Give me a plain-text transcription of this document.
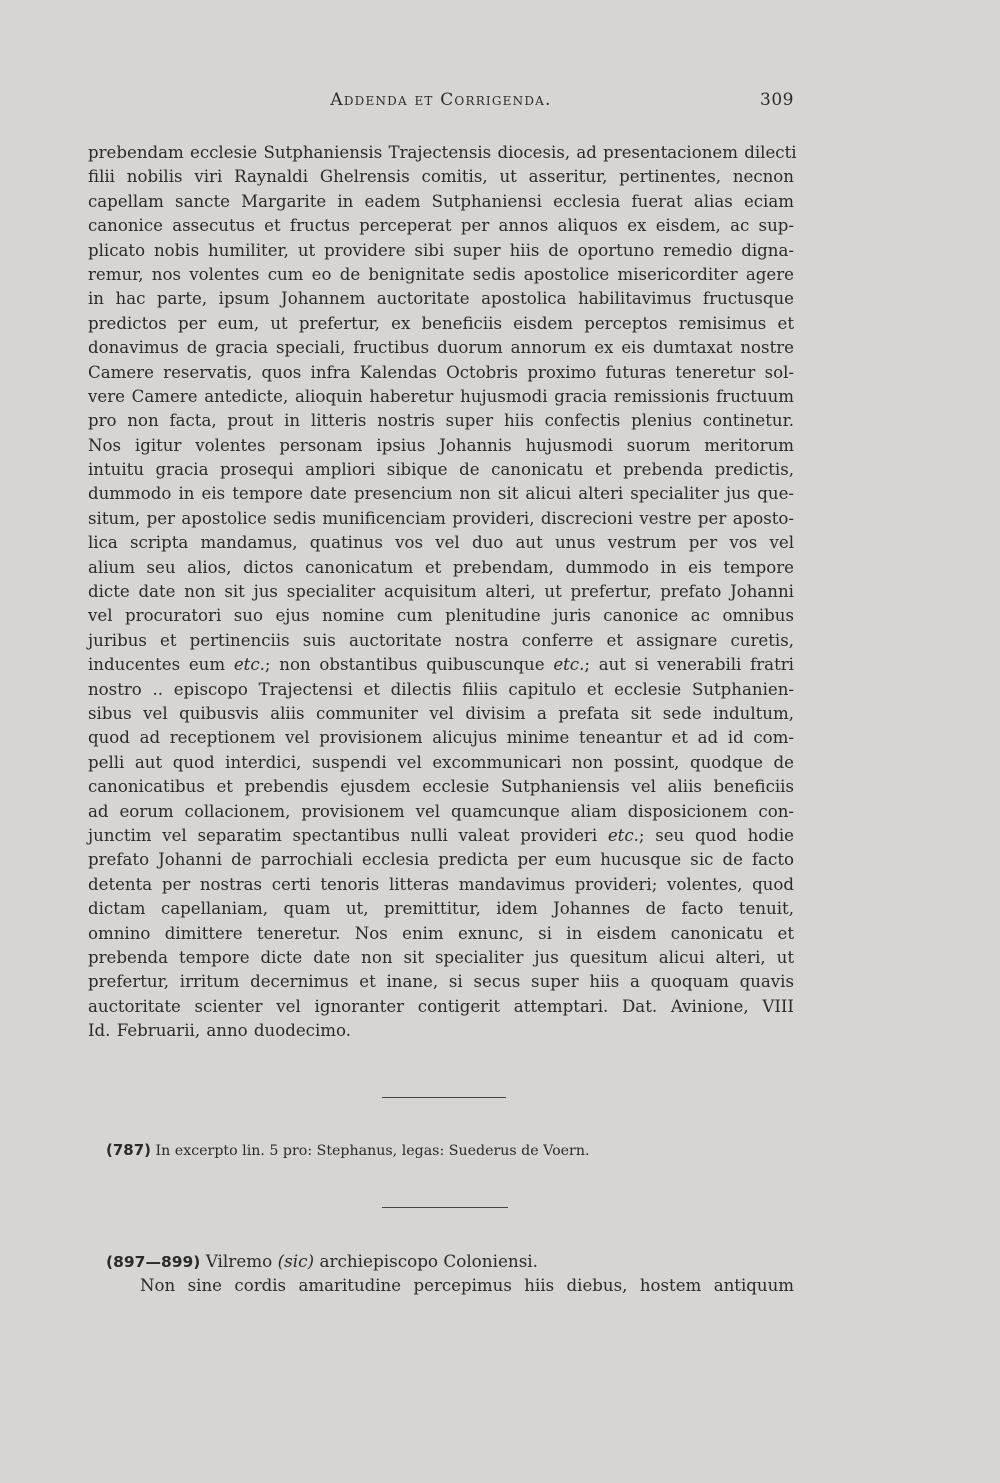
Addenda et Corrigenda.	309
prebendam ecclesie Sutphaniensis Trajectensis diocesis, ad presentacionem dilecti
filii nobilis viri Raynaldi Ghelrensis comitis, ut asseritur, pertinentes, necnon
capellam sancte Margarite in eadem Sutphaniensi ecclesia fuerat alias eciam
canonice assecutus et fructus perceperat per annos aliquos ex eisdem, ac sup-
plicato nobis humiliter, ut providere sibi super hiis de oportuno remedio digna-
remur, nos volentes cum eo de benignitate sedis apostolice misericorditer agere
in hac parte, ipsum Johannem auctoritate apostolica habilitavimus fructusque
predictos per eum, ut prefertur, ex beneficiis eisdem perceptos remisimus et
donavimus de gracia speciali, fructibus duorum annorum ex eis dumtaxat nostre
Camere reservatis, quos infra Kalendas Octobris proximo futuras teneretur sol-
vere Camere antedicte, alioquin haberetur hujusmodi gracia remissionis fructuum
pro non facta, prout in litteris nostris super hiis confectis plenius continetur.
Nos igitur volentes personam ipsius Johannis hujusmodi suorum meritorum
intuitu gracia prosequi ampliori sibique de canonicatu et prebenda predictis,
dummodo in eis tempore date presencium non sit alicui alteri specialiter jus que-
situm, per apostolice sedis munificenciam provideri, discrecioni vestre per aposto-
lica scripta mandamus, quatinus vos vel duo aut unus vestrum per vos vel
alium seu alios, dictos canonicatum et prebendam, dummodo in eis tempore
dicte date non sit jus specialiter acquisitum alteri, ut prefertur, prefato Johanni
vel procuratori suo ejus nomine cum plenitudine juris canonice ac omnibus
juribus et pertinenciis suis auctoritate nostra conferre et assignare curetis,
inducentes eum etc.; non obstantibus quibuscunque etc.; aut si venerabili fratri
nostro .. episcopo Trajectensi et dilectis filiis capitulo et ecclesie Sutphanien-
sibus vel quibusvis aliis communiter vel divisim a prefata sit sede indultum,
quod ad receptionem vel provisionem alicujus minime teneantur et ad id com-
pelli aut quod interdici, suspendi vel excommunicari non possint, quodque de
canonicatibus et prebendis ejusdem ecclesie Sutphaniensis vel aliis beneficiis
ad eorum collacionem, provisionem vel quamcunque aliam disposicionem con-
junctim vel separatim spectantibus nulli valeat provideri etc.; seu quod hodie
prefato Johanni de parrochiali ecclesia predicta per eum hucusque sic de facto
detenta per nostras certi tenoris litteras mandavimus provideri; volentes, quod
dictam capellaniam, quam ut, premittitur, idem Johannes de facto tenuit,
omnino dimittere teneretur. Nos enim exnunc, si in eisdem canonicatu et
prebenda tempore dicte date non sit specialiter jus quesitum alicui alteri, ut
prefertur, irritum decernimus et inane, si secus super hiis a quoquam quavis
auctoritate scienter vel ignoranter contigerit attemptari. Dat. Avinione, VIII
Id. Februarii, anno duodecimo.
(787) In excerpto lin. 5 pro: Stephanus, legas: Suederus de Voern.
(897—899) Vilremo (sic) archiepiscopo Coloniensi.
Non sine cordis amaritudine percepimus hiis diebus, hostem antiquum
